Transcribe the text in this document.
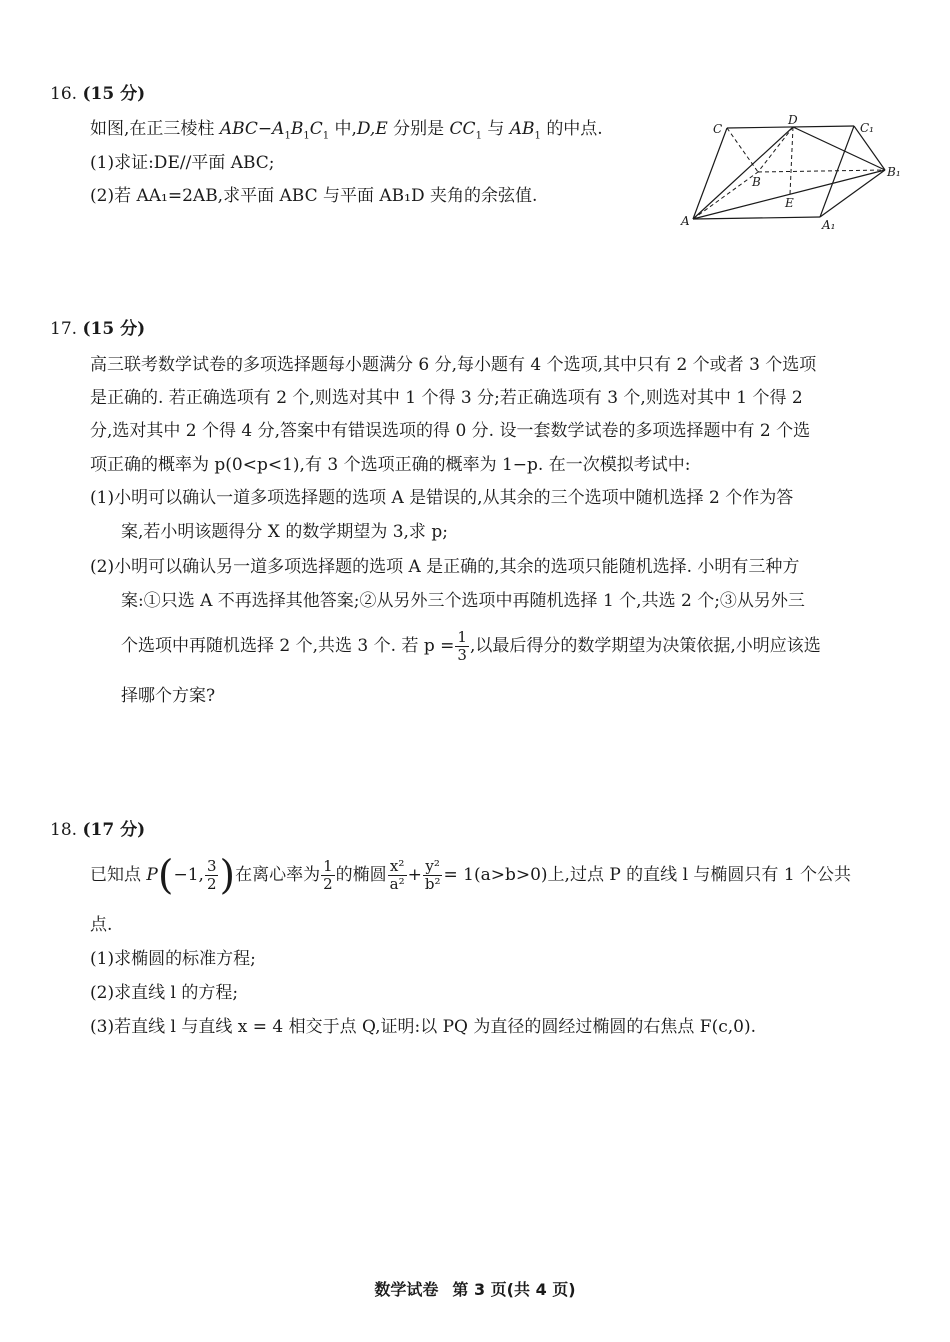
16. (15 分)
如图,在正三棱柱 $ABC-A_1B_1C_1$ 中,D,E 分别是 $CC_1$ 与 $AB_1$ 的中点.
(1)求证:DE//平面 ABC;
(2)若 AA₁=2AB,求平面 ABC 与平面 AB₁D 夹角的余弦值.
C
D
C₁
B
B₁
E
A	A₁
17. (15 分)
高三联考数学试卷的多项选择题每小题满分 6 分,每小题有 4 个选项,其中只有 2 个或者 3 个选项
是正确的. 若正确选项有 2 个,则选对其中 1 个得 3 分;若正确选项有 3 个,则选对其中 1 个得 2
分,选对其中 2 个得 4 分,答案中有错误选项的得 0 分. 设一套数学试卷的多项选择题中有 2 个选
项正确的概率为 p(0<p<1),有 3 个选项正确的概率为 1−p. 在一次模拟考试中:
(1)小明可以确认一道多项选择题的选项 A 是错误的,从其余的三个选项中随机选择 2 个作为答
案,若小明该题得分 X 的数学期望为 3,求 p;
(2)小明可以确认另一道多项选择题的选项 A 是正确的,其余的选项只能随机选择. 小明有三种方
案:①只选 A 不再选择其他答案;②从另外三个选项中再随机选择 1 个,共选 2 个;③从另外三
个选项中再随机选择 2 个,共选 3 个. 若 $p = \frac{1}{3}$ ,以最后得分的数学期望为决策依据,小明应该选
择哪个方案?
18. (17 分)
已知点 P(−1, $\frac{3}{2}$ )在离心率为 $\frac{1}{2}$ 的椭圆 $\frac{\text{x²}}{\text{a²}} + \frac{\text{y²}}{\text{b²}} = 1(a>b>0)$上,过点 P 的直线 l 与椭圆只有 1 个公共
点.
(1)求椭圆的标准方程;
(2)求直线 l 的方程;
(3)若直线 l 与直线 x = 4 相交于点 Q,证明:以 PQ 为直径的圆经过椭圆的右焦点 F(c,0).
数学试卷 第 3 页(共 4 页)
